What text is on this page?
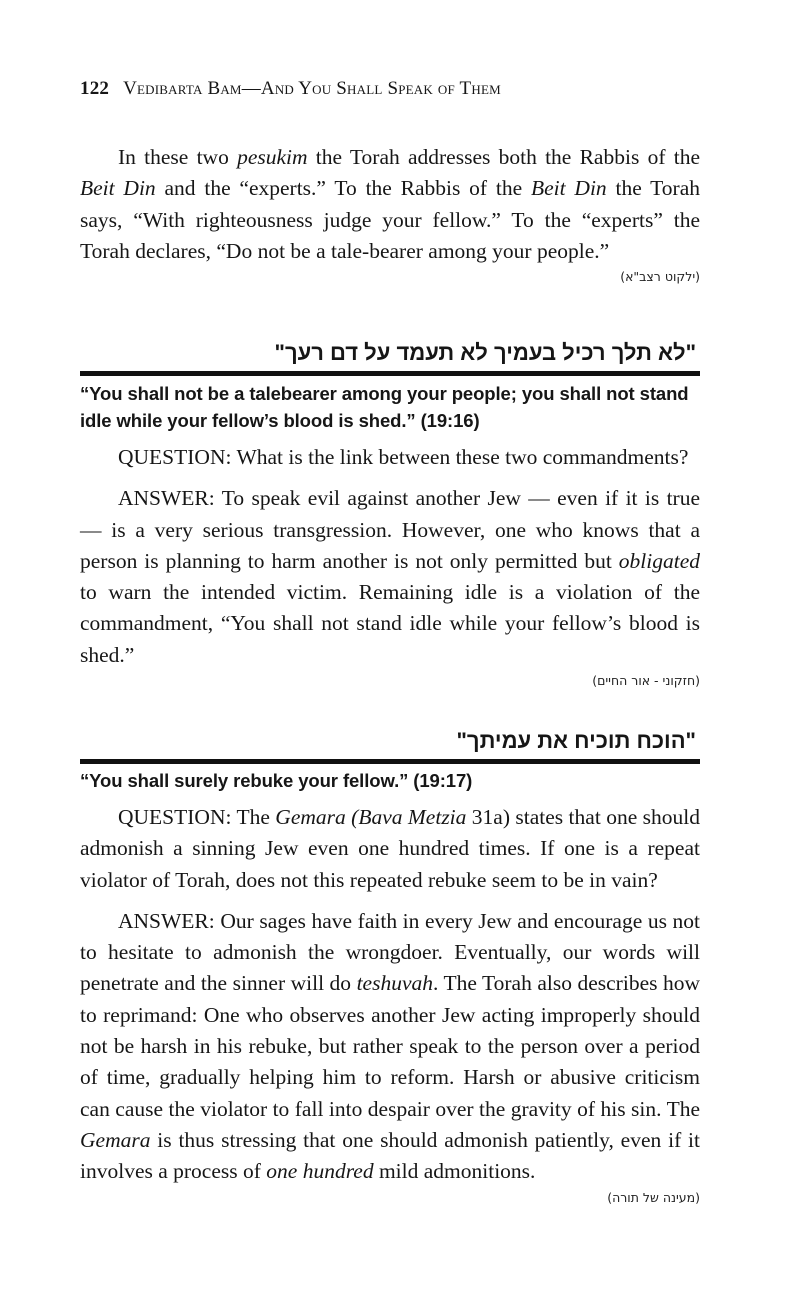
122 Vedibarta Bam—And You Shall Speak of Them

In these two pesukim the Torah addresses both the Rabbis of the Beit Din and the “experts.” To the Rabbis of the Beit Din the Torah says, “With righteousness judge your fellow.” To the “experts” the Torah declares, “Do not be a tale-bearer among your people.”

(ילקוט רצב"א)

"לא תלך רכיל בעמיך לא תעמד על דם רעך"

“You shall not be a talebearer among your people; you shall not stand idle while your fellow’s blood is shed.” (19:16)

QUESTION: What is the link between these two commandments?

ANSWER: To speak evil against another Jew — even if it is true — is a very serious transgression. However, one who knows that a person is planning to harm another is not only permitted but obligated to warn the intended victim. Remaining idle is a violation of the commandment, “You shall not stand idle while your fellow’s blood is shed.”

(חזקוני - אור החיים)

"הוכח תוכיח את עמיתך"

“You shall surely rebuke your fellow.” (19:17)

QUESTION: The Gemara (Bava Metzia 31a) states that one should admonish a sinning Jew even one hundred times. If one is a repeat violator of Torah, does not this repeated rebuke seem to be in vain?

ANSWER: Our sages have faith in every Jew and encourage us not to hesitate to admonish the wrongdoer. Eventually, our words will penetrate and the sinner will do teshuvah. The Torah also describes how to reprimand: One who observes another Jew acting improperly should not be harsh in his rebuke, but rather speak to the person over a period of time, gradually helping him to reform. Harsh or abusive criticism can cause the violator to fall into despair over the gravity of his sin. The Gemara is thus stressing that one should admonish patiently, even if it involves a process of one hundred mild admonitions.

(מעינה של תורה)
